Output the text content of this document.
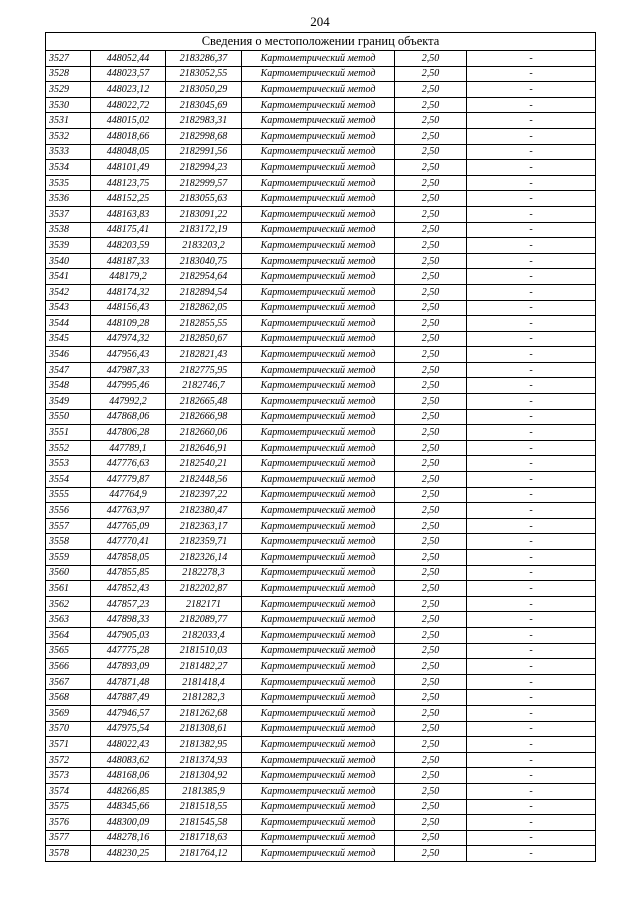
204
Сведения о местоположении границ объекта					
3527	448052,44	2183286,37	Картометрический метод	2,50	-
3528	448023,57	2183052,55	Картометрический метод	2,50	-
3529	448023,12	2183050,29	Картометрический метод	2,50	-
3530	448022,72	2183045,69	Картометрический метод	2,50	-
3531	448015,02	2182983,31	Картометрический метод	2,50	-
3532	448018,66	2182998,68	Картометрический метод	2,50	-
3533	448048,05	2182991,56	Картометрический метод	2,50	-
3534	448101,49	2182994,23	Картометрический метод	2,50	-
3535	448123,75	2182999,57	Картометрический метод	2,50	-
3536	448152,25	2183055,63	Картометрический метод	2,50	-
3537	448163,83	2183091,22	Картометрический метод	2,50	-
3538	448175,41	2183172,19	Картометрический метод	2,50	-
3539	448203,59	2183203,2	Картометрический метод	2,50	-
3540	448187,33	2183040,75	Картометрический метод	2,50	-
3541	448179,2	2182954,64	Картометрический метод	2,50	-
3542	448174,32	2182894,54	Картометрический метод	2,50	-
3543	448156,43	2182862,05	Картометрический метод	2,50	-
3544	448109,28	2182855,55	Картометрический метод	2,50	-
3545	447974,32	2182850,67	Картометрический метод	2,50	-
3546	447956,43	2182821,43	Картометрический метод	2,50	-
3547	447987,33	2182775,95	Картометрический метод	2,50	-
3548	447995,46	2182746,7	Картометрический метод	2,50	-
3549	447992,2	2182665,48	Картометрический метод	2,50	-
3550	447868,06	2182666,98	Картометрический метод	2,50	-
3551	447806,28	2182660,06	Картометрический метод	2,50	-
3552	447789,1	2182646,91	Картометрический метод	2,50	-
3553	447776,63	2182540,21	Картометрический метод	2,50	-
3554	447779,87	2182448,56	Картометрический метод	2,50	-
3555	447764,9	2182397,22	Картометрический метод	2,50	-
3556	447763,97	2182380,47	Картометрический метод	2,50	-
3557	447765,09	2182363,17	Картометрический метод	2,50	-
3558	447770,41	2182359,71	Картометрический метод	2,50	-
3559	447858,05	2182326,14	Картометрический метод	2,50	-
3560	447855,85	2182278,3	Картометрический метод	2,50	-
3561	447852,43	2182202,87	Картометрический метод	2,50	-
3562	447857,23	2182171	Картометрический метод	2,50	-
3563	447898,33	2182089,77	Картометрический метод	2,50	-
3564	447905,03	2182033,4	Картометрический метод	2,50	-
3565	447775,28	2181510,03	Картометрический метод	2,50	-
3566	447893,09	2181482,27	Картометрический метод	2,50	-
3567	447871,48	2181418,4	Картометрический метод	2,50	-
3568	447887,49	2181282,3	Картометрический метод	2,50	-
3569	447946,57	2181262,68	Картометрический метод	2,50	-
3570	447975,54	2181308,61	Картометрический метод	2,50	-
3571	448022,43	2181382,95	Картометрический метод	2,50	-
3572	448083,62	2181374,93	Картометрический метод	2,50	-
3573	448168,06	2181304,92	Картометрический метод	2,50	-
3574	448266,85	2181385,9	Картометрический метод	2,50	-
3575	448345,66	2181518,55	Картометрический метод	2,50	-
3576	448300,09	2181545,58	Картометрический метод	2,50	-
3577	448278,16	2181718,63	Картометрический метод	2,50	-
3578	448230,25	2181764,12	Картометрический метод	2,50	-
